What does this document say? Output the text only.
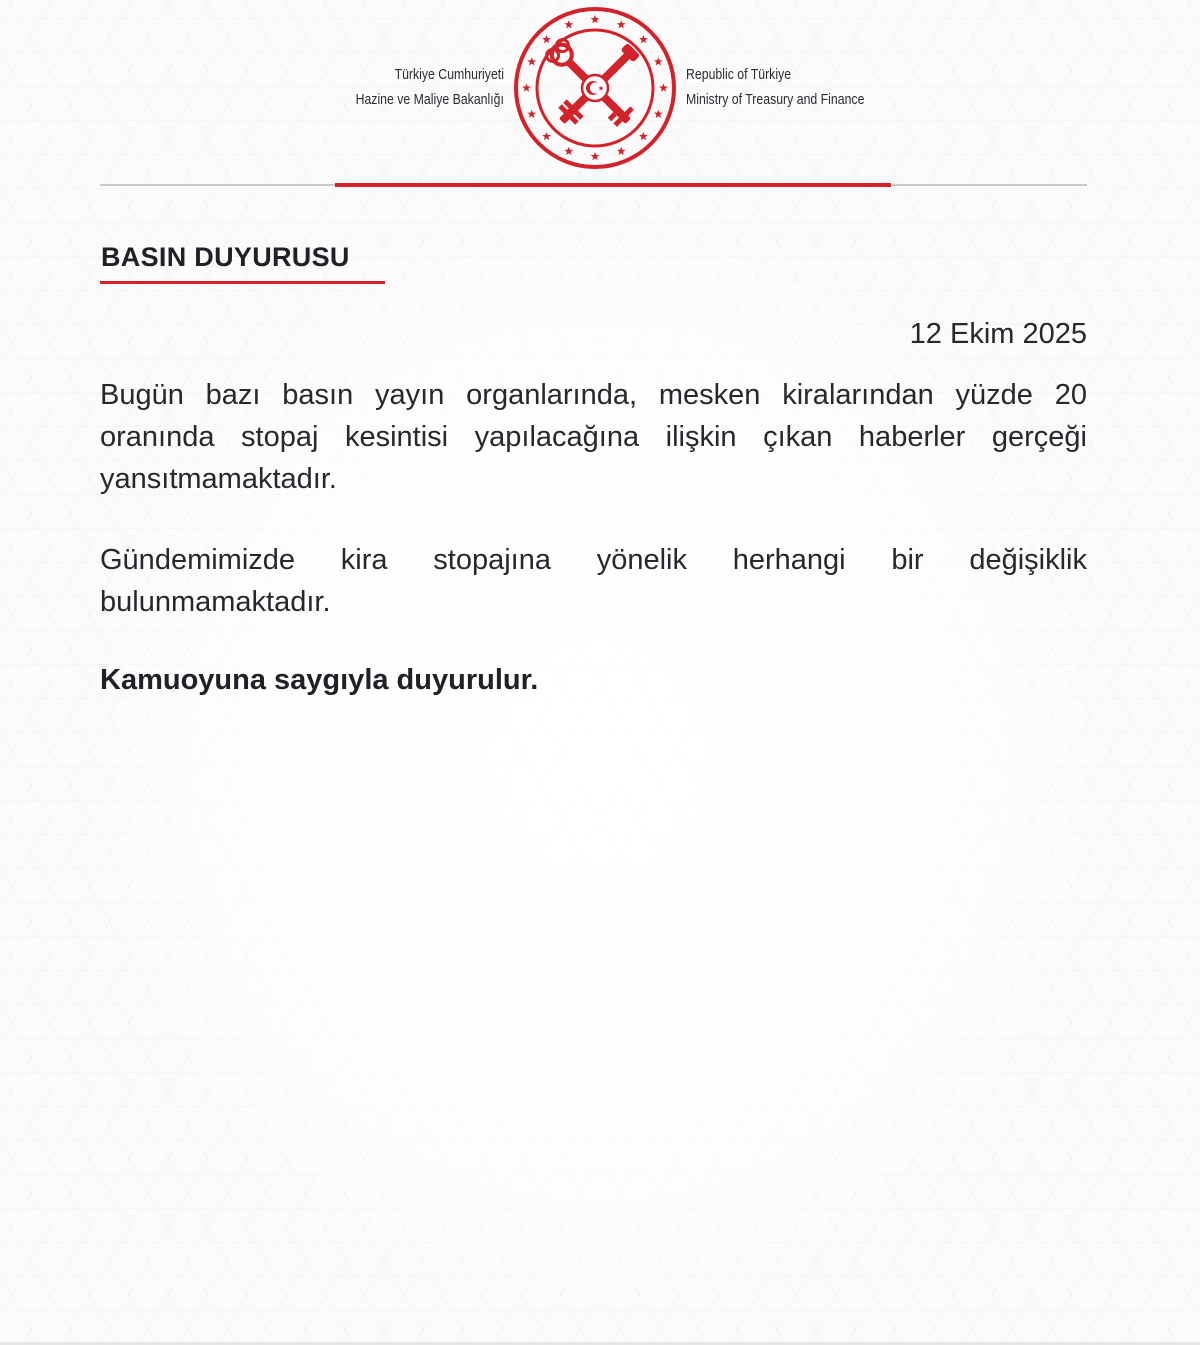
Türkiye Cumhuriyeti
Hazine ve Maliye Bakanlığı
Republic of Türkiye
Ministry of Treasury and Finance
BASIN DUYURUSU
12 Ekim 2025

Bugün bazı basın yayın organlarında, mesken kiralarından yüzde 20 oranında stopaj kesintisi yapılacağına ilişkin çıkan haberler gerçeği yansıtmamaktadır.

Gündemimizde kira stopajına yönelik herhangi bir değişiklik bulunmamaktadır.

Kamuoyuna saygıyla duyurulur.
